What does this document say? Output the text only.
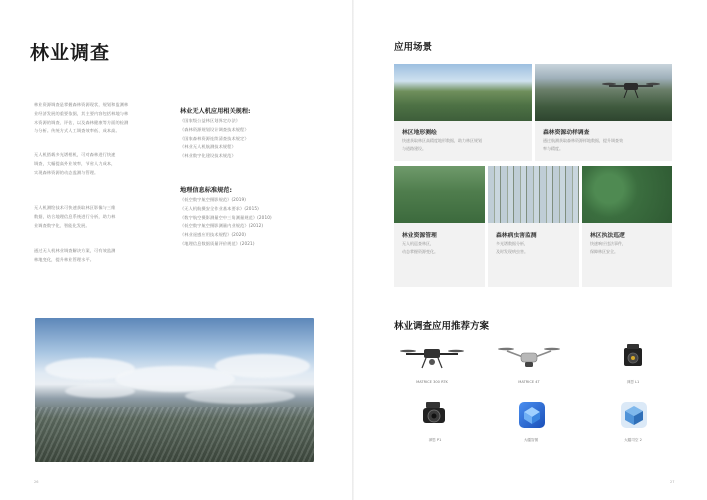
林业调查
林业资源调查是掌握森林资源现状，规划和监测林
业经济发展的重要依据，其主要内容包括林地与林
木资源的调查、评估，以及森林健康等方面的检测
与分析。传统方式人工调查效率低、成本高。
无人机搭载多光谱相机，可对森林进行快速
调查，大幅提高外业效率，节省人力成本，
实现森林资源的动态监测与管理。
无人机测绘技术可快速获取林区影像与三维
数据，结合地理信息系统进行分析，助力林
业调查数字化、智能化发展。
通过无人机林业调查解决方案，可有效监测
林地变化，提升林业管理水平。
林业无人机应用相关规程:
《国家级公益林区划界定办法》
《森林资源规划设计调查技术规程》
《国家森林资源连续清查技术规定》
《林业无人机航测技术规程》
《林业数字化建设技术规范》
地理信息标准规范:
《低空数字航空摄影规范》(2019)
《无人机航摄安全作业基本要求》(2015)
《数字航空摄影测量空中三角测量规范》(2010)
《低空数字航空摄影测量内业规范》(2012)
《林业遥感应用技术规程》(2020)
《地理信息数据质量评价规范》(2021)
26
应用场景
林区地形测绘
快速获取林区高精度地形数据，助力林区规划
与道路建设。
森林资源动样调查
通过航测获取森林资源样地数据，提升调查效
率与精度。
林业资源管理
无人机巡查林区，
动态掌握资源变化。
森林病虫害监测
多光谱数据分析，
及时发现病虫害。
林区执法巡逻
快速响应违法事件，
保障林区安全。
林业调查应用推荐方案
MATRICE 300 RTK	MATRICE 4T	禅思 L1
禅思 P1	大疆智图	大疆司空 2
27
